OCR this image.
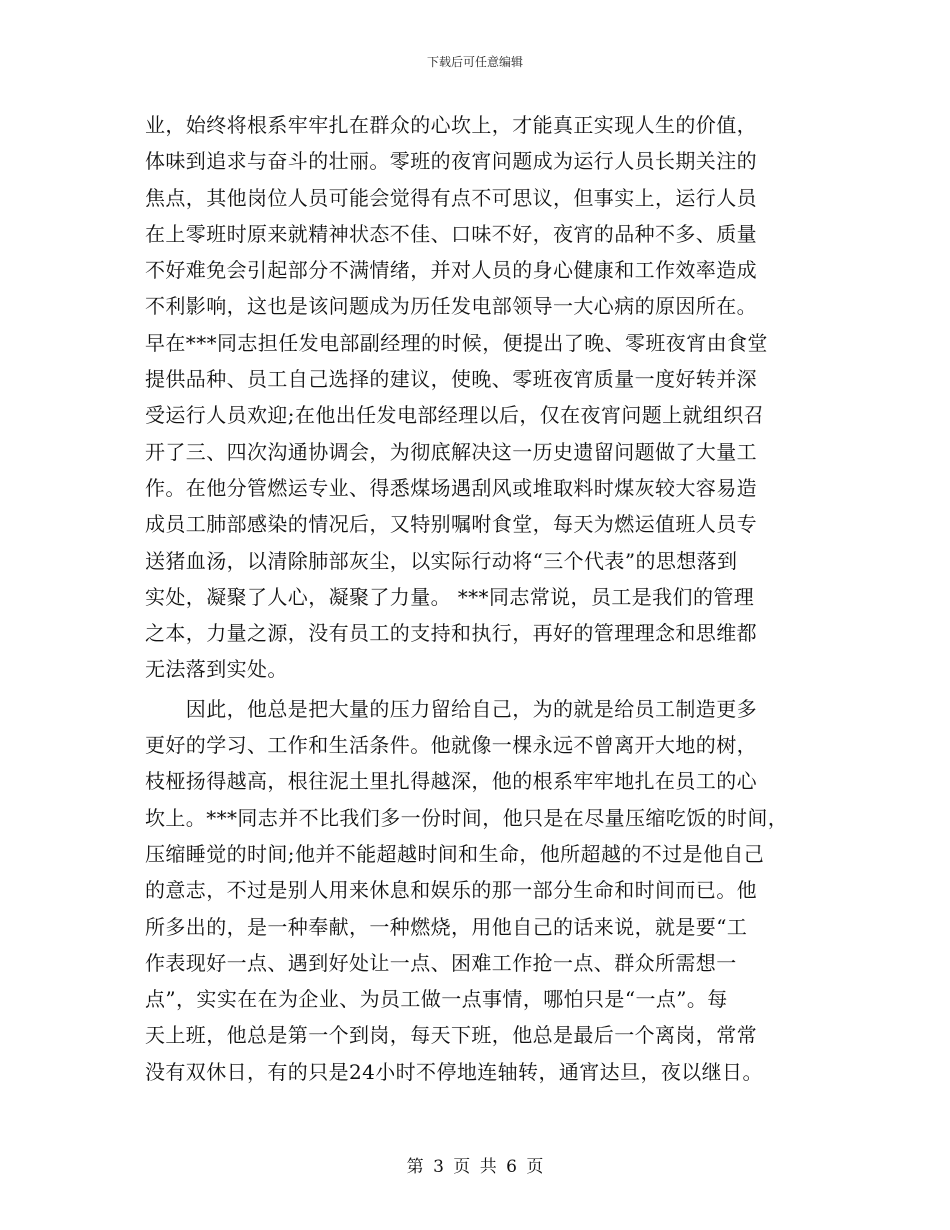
下载后可任意编辑
业，始终将根系牢牢扎在群众的心坎上，才能真正实现人生的价值，
体味到追求与奋斗的壮丽。零班的夜宵问题成为运行人员长期关注的
焦点，其他岗位人员可能会觉得有点不可思议，但事实上，运行人员
在上零班时原来就精神状态不佳、口味不好，夜宵的品种不多、质量
不好难免会引起部分不满情绪，并对人员的身心健康和工作效率造成
不利影响，这也是该问题成为历任发电部领导一大心病的原因所在。
早在***同志担任发电部副经理的时候，便提出了晚、零班夜宵由食堂
提供品种、员工自己选择的建议，使晚、零班夜宵质量一度好转并深
受运行人员欢迎;在他出任发电部经理以后，仅在夜宵问题上就组织召
开了三、四次沟通协调会，为彻底解决这一历史遗留问题做了大量工
作。在他分管燃运专业、得悉煤场遇刮风或堆取料时煤灰较大容易造
成员工肺部感染的情况后，又特别嘱咐食堂，每天为燃运值班人员专
送猪血汤，以清除肺部灰尘，以实际行动将“三个代表”的思想落到
实处，凝聚了人心，凝聚了力量。 ***同志常说，员工是我们的管理
之本，力量之源，没有员工的支持和执行，再好的管理理念和思维都
无法落到实处。
　　因此，他总是把大量的压力留给自己，为的就是给员工制造更多
更好的学习、工作和生活条件。他就像一棵永远不曾离开大地的树，
枝桠扬得越高，根往泥土里扎得越深，他的根系牢牢地扎在员工的心
坎上。***同志并不比我们多一份时间，他只是在尽量压缩吃饭的时间，
压缩睡觉的时间;他并不能超越时间和生命，他所超越的不过是他自己
的意志，不过是别人用来休息和娱乐的那一部分生命和时间而已。他
所多出的，是一种奉献，一种燃烧，用他自己的话来说，就是要“工
作表现好一点、遇到好处让一点、困难工作抢一点、群众所需想一
点”，实实在在为企业、为员工做一点事情，哪怕只是“一点”。每
天上班，他总是第一个到岗，每天下班，他总是最后一个离岗，常常
没有双休日，有的只是24小时不停地连轴转，通宵达旦，夜以继日。
第 3 页 共 6 页
